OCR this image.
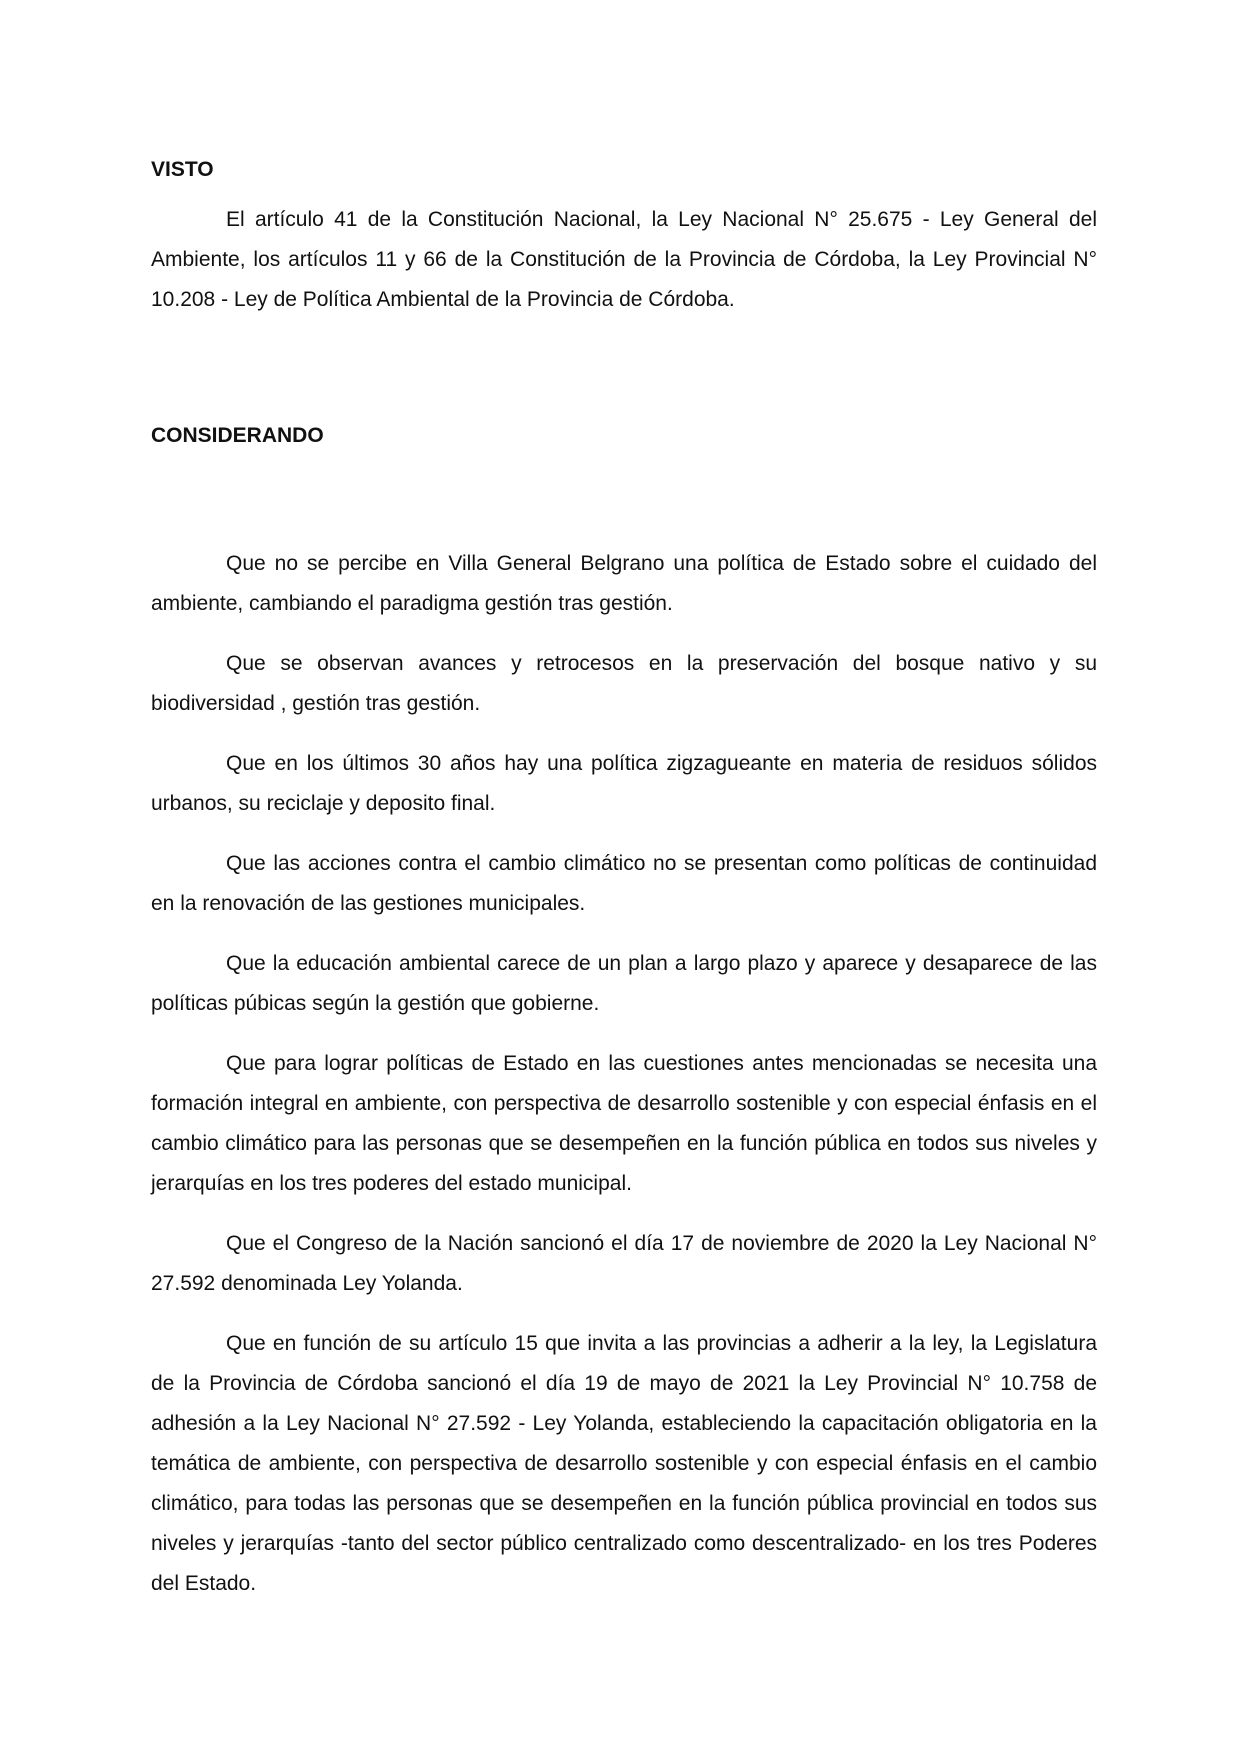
VISTO

El artículo 41 de la Constitución Nacional, la Ley Nacional N° 25.675 - Ley General del Ambiente, los artículos 11 y 66 de la Constitución de la Provincia de Córdoba, la Ley Provincial N° 10.208 - Ley de Política Ambiental de la Provincia de Córdoba.

CONSIDERANDO

Que no se percibe en Villa General Belgrano una política de Estado sobre el cuidado del ambiente, cambiando el paradigma gestión tras gestión.

Que se observan avances y retrocesos en la preservación del bosque nativo y su biodiversidad , gestión tras gestión.

Que en los últimos 30 años hay una política zigzagueante en materia de residuos sólidos urbanos, su reciclaje y deposito final.

Que las acciones contra el cambio climático no se presentan como políticas de continuidad en la renovación de las gestiones municipales.

Que la educación ambiental carece de un plan a largo plazo y aparece y desaparece de las políticas púbicas según la gestión que gobierne.

Que para lograr políticas de Estado en las cuestiones antes mencionadas se necesita una formación integral en ambiente, con perspectiva de desarrollo sostenible y con especial énfasis en el cambio climático para las personas que se desempeñen en la función pública en todos sus niveles y jerarquías en los tres poderes del estado municipal.

Que el Congreso de la Nación sancionó el día 17 de noviembre de 2020 la Ley Nacional N° 27.592 denominada Ley Yolanda.

Que en función de su artículo 15 que invita a las provincias a adherir a la ley, la Legislatura de la Provincia de Córdoba sancionó el día 19 de mayo de 2021 la Ley Provincial N° 10.758 de adhesión a la Ley Nacional N° 27.592 - Ley Yolanda, estableciendo la capacitación obligatoria en la temática de ambiente, con perspectiva de desarrollo sostenible y con especial énfasis en el cambio climático, para todas las personas que se desempeñen en la función pública provincial en todos sus niveles y jerarquías -tanto del sector público centralizado como descentralizado- en los tres Poderes del Estado.
